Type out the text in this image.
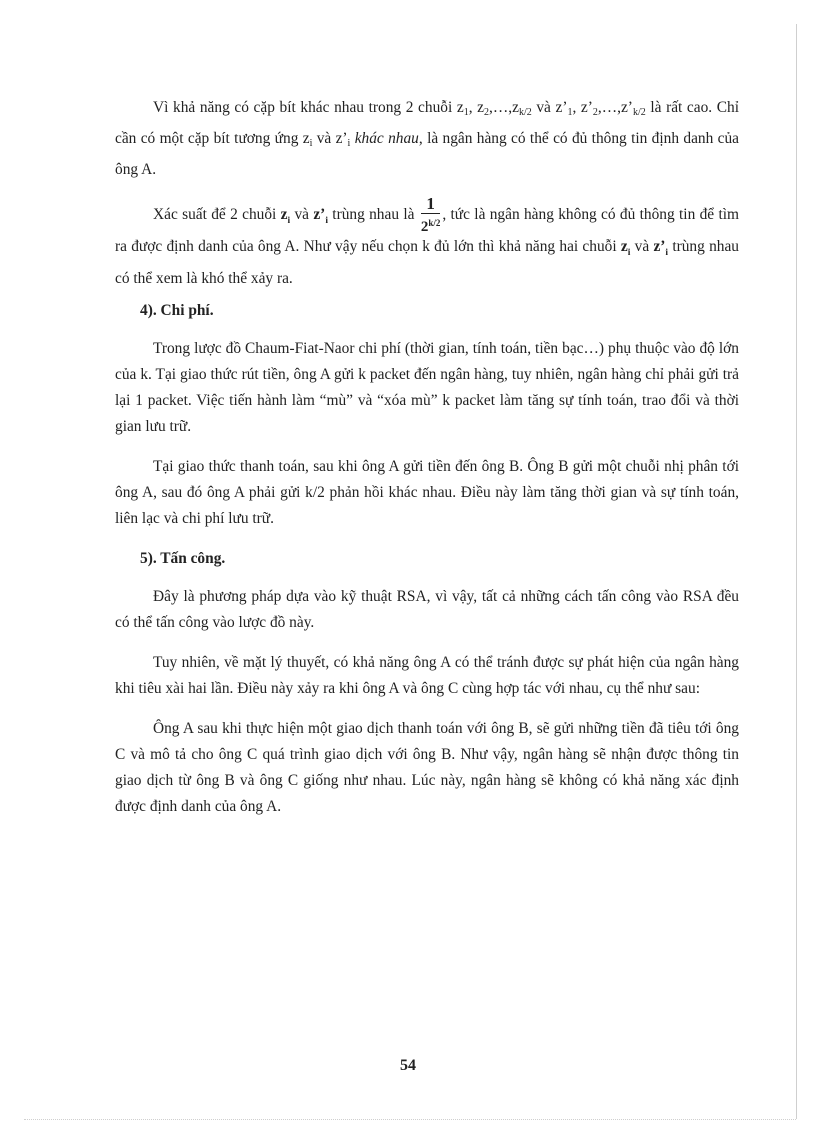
Vì khả năng có cặp bít khác nhau trong 2 chuỗi $z_1$, $z_2,\dots,z_{k/2}$ và $z’_1$, $z’_2,\dots,z’_{k/2}$ là rất cao. Chỉ cần có một cặp bít tương ứng $z_i$ và $z’_i$ khác nhau, là ngân hàng có thể có đủ thông tin định danh của ông A.

Xác suất để 2 chuỗi $z_i$ và $z’_i$ trùng nhau là $\frac{1}{2^{k/2}}$ , tức là ngân hàng không có đủ thông tin để tìm ra được định danh của ông A. Như vậy nếu chọn k đủ lớn thì khả năng hai chuỗi $z_i$ và $z’_i$ trùng nhau có thể xem là khó thể xảy ra.

4). Chi phí.

Trong lược đồ Chaum-Fiat-Naor chi phí (thời gian, tính toán, tiền bạc…) phụ thuộc vào độ lớn của k. Tại giao thức rút tiền, ông A gửi k packet đến ngân hàng, tuy nhiên, ngân hàng chỉ phải gửi trả lại 1 packet. Việc tiến hành làm “mù” và “xóa mù” k packet làm tăng sự tính toán, trao đổi và thời gian lưu trữ.

Tại giao thức thanh toán, sau khi ông A gửi tiền đến ông B. Ông B gửi một chuỗi nhị phân tới ông A, sau đó ông A phải gửi k/2 phản hồi khác nhau. Điều này làm tăng thời gian và sự tính toán, liên lạc và chi phí lưu trữ.

5). Tấn công.

Đây là phương pháp dựa vào kỹ thuật RSA, vì vậy, tất cả những cách tấn công vào RSA đều có thể tấn công vào lược đồ này.

Tuy nhiên, về mặt lý thuyết, có khả năng ông A có thể tránh được sự phát hiện của ngân hàng khi tiêu xài hai lần. Điều này xảy ra khi ông A và ông C cùng hợp tác với nhau, cụ thể như sau:

Ông A sau khi thực hiện một giao dịch thanh toán với ông B, sẽ gửi những tiền đã tiêu tới ông C và mô tả cho ông C quá trình giao dịch với ông B. Như vậy, ngân hàng sẽ nhận được thông tin giao dịch từ ông B và ông C giống như nhau. Lúc này, ngân hàng sẽ không có khả năng xác định được định danh của ông A.

54
